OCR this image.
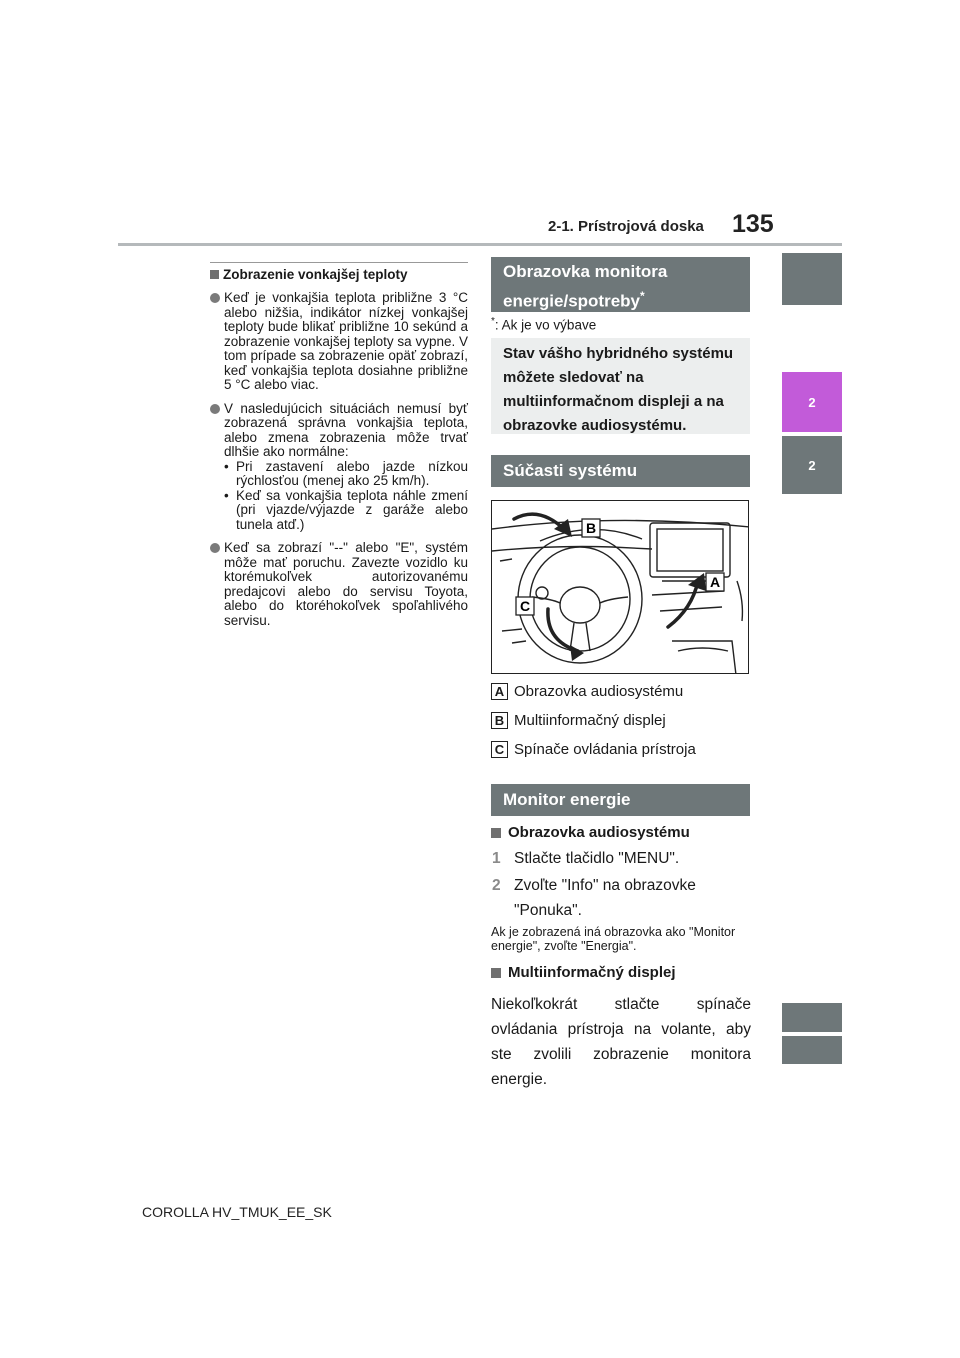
2-1. Prístrojová doska 135
2
2
Zobrazenie vonkajšej teploty
Keď je vonkajšia teplota približne 3 °C alebo nižšia, indikátor nízkej vonkajšej teploty bude blikať približne 10 sekúnd a zobrazenie vonkajšej teploty sa vypne. V tom prípade sa zobrazenie opäť zobrazí, keď vonkajšia teplota dosiahne približne 5 °C alebo viac.
V nasledujúcich situáciách nemusí byť zobrazená správna vonkajšia teplota, alebo zmena zobrazenia môže trvať dlhšie ako normálne:
• Pri zastavení alebo jazde nízkou rýchlosťou (menej ako 25 km/h).
• Keď sa vonkajšia teplota náhle zmení (pri vjazde/výjazde z garáže alebo tunela atď.)
Keď sa zobrazí "--" alebo "E", systém môže mať poruchu. Zavezte vozidlo ku ktorémukoľvek autorizovanému predajcovi alebo do servisu Toyota, alebo do ktoréhokoľvek spoľahlivého servisu.
Obrazovka monitora energie/spotreby*
*: Ak je vo výbave
Stav vášho hybridného systému môžete sledovať na multiinformačnom displeji a na obrazovke audiosystému.
Súčasti systému
B
A
C
A Obrazovka audiosystému
B Multiinformačný displej
C Spínače ovládania prístroja
Monitor energie
Obrazovka audiosystému
1 Stlačte tlačidlo "MENU".
2 Zvoľte "Info" na obrazovke "Ponuka".
Ak je zobrazená iná obrazovka ako "Monitor energie", zvoľte "Energia".
Multiinformačný displej
Niekoľkokrát stlačte spínače ovládania prístroja na volante, aby ste zvolili zobrazenie monitora energie.
COROLLA HV_TMUK_EE_SK
